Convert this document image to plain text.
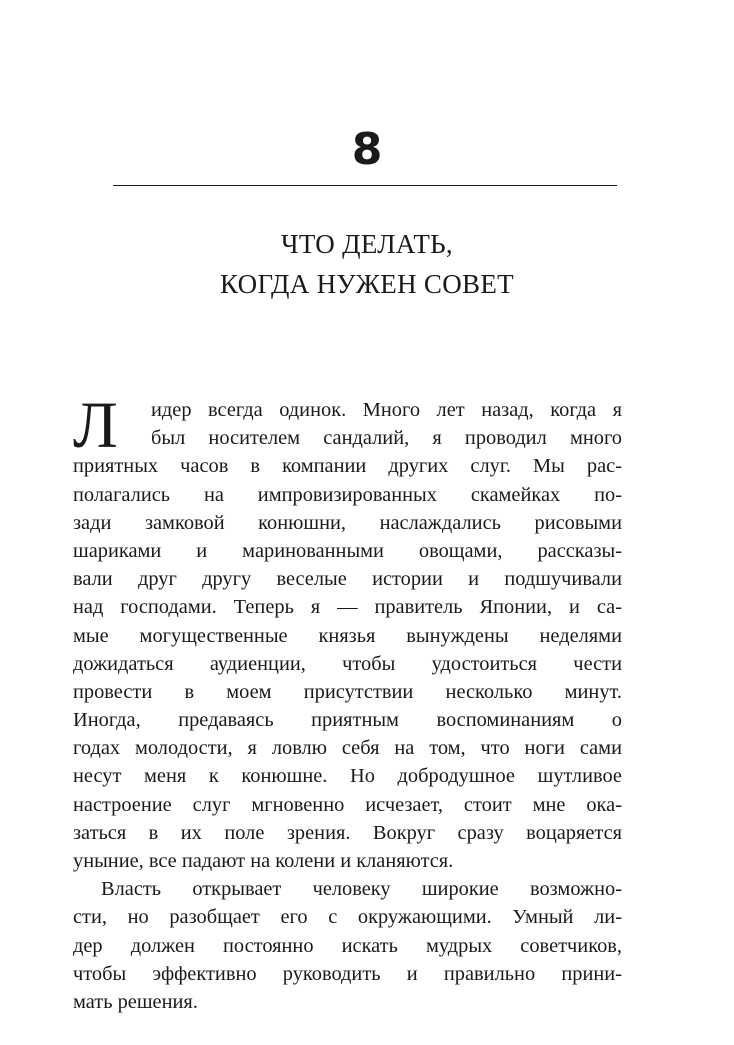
8
ЧТО ДЕЛАТЬ,
КОГДА НУЖЕН СОВЕТ
Л	идер всегда одинок. Много лет назад, когда я
был носителем сандалий, я проводил много
приятных часов в компании других слуг. Мы рас-
полагались на импровизированных скамейках по-
зади замковой конюшни, наслаждались рисовыми
шариками и маринованными овощами, рассказы-
вали друг другу веселые истории и подшучивали
над господами. Теперь я — правитель Японии, и са-
мые могущественные князья вынуждены неделями
дожидаться аудиенции, чтобы удостоиться чести
провести в моем присутствии несколько минут.
Иногда, предаваясь приятным воспоминаниям о
годах молодости, я ловлю себя на том, что ноги сами
несут меня к конюшне. Но добродушное шутливое
настроение слуг мгновенно исчезает, стоит мне ока-
заться в их поле зрения. Вокруг сразу воцаряется
уныние, все падают на колени и кланяются.
Власть открывает человеку широкие возможно-
сти, но разобщает его с окружающими. Умный ли-
дер должен постоянно искать мудрых советчиков,
чтобы эффективно руководить и правильно прини-
мать решения.
